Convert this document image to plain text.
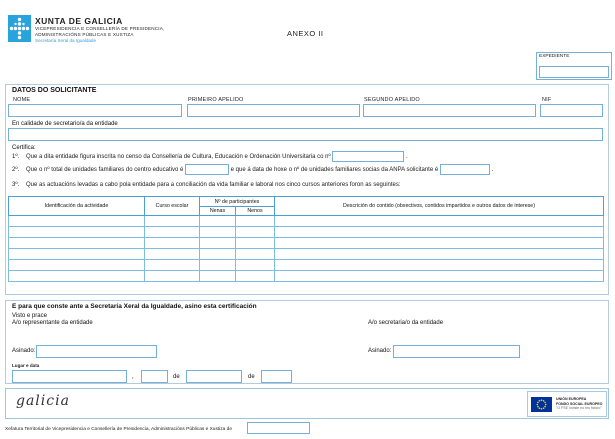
XUNTA DE GALICIA
VICEPRESIDENCIA E CONSELLERÍA DE PRESIDENCIA,
ADMINISTRACIÓNS PÚBLICAS E XUSTIZA
Secretaría Xeral da Igualdade
ANEXO II
EXPEDIENTE
DATOS DO SOLICITANTE
NOME	PRIMEIRO APELIDO	SEGUNDO APELIDO	NIF
En calidade de secretario/a da entidade
Certifica:
1º. Que a dita entidade figura inscrita no censo da Consellería de Cultura, Educación e Ordenación Universitaria co nº	.
2º. Que o nº total de unidades familiares do centro educativo é	e que á data de hoxe o nº de unidades familiares socias da ANPA solicitante é	.
3º. Que as actuacións levadas a cabo pola entidade para a conciliación da vida familiar e laboral nos cinco cursos anteriores foron as seguintes:
Identificación da actividade	Curso escolar	Nº de participantes		Descrición do contido (obxectivos, contidos impartidos e outros datos de interese)
		Nenas	Nenos	

E para que conste ante a Secretaría Xeral da Igualdade, asino esta certificación
Visto e prace
A/o representante da entidade	A/o secretaria/o da entidade
Asinado:	Asinado:
Lugar e data
,	de	de
galicia	UNIÓN EUROPEA
FONDO SOCIAL EUROPEO
"O FSE inviste no teu futuro"
Xefatura Territorial de Vicepresidencia e Consellería de Presidencia, Administracións Públicas e Xustiza de
